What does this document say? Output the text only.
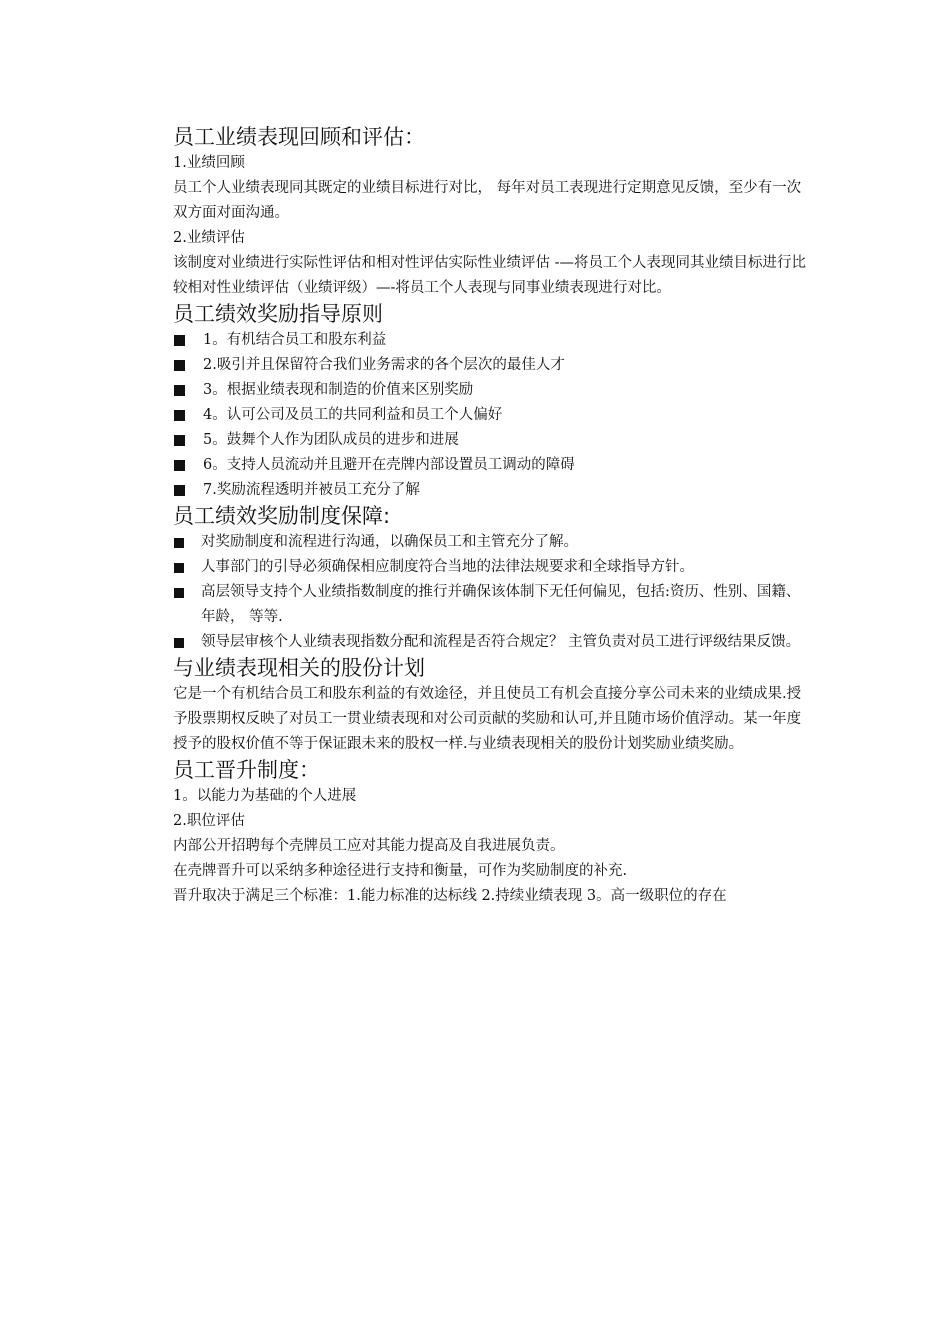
员工业绩表现回顾和评估：

1.业绩回顾

员工个人业绩表现同其既定的业绩目标进行对比， 每年对员工表现进行定期意见反馈，至少有一次双方面对面沟通。

2.业绩评估

该制度对业绩进行实际性评估和相对性评估实际性业绩评估 -—将员工个人表现同其业绩目标进行比较相对性业绩评估（业绩评级）—-将员工个人表现与同事业绩表现进行对比。

员工绩效奖励指导原则
1。有机结合员工和股东利益
2.吸引并且保留符合我们业务需求的各个层次的最佳人才
3。根据业绩表现和制造的价值来区别奖励
4。认可公司及员工的共同利益和员工个人偏好
5。鼓舞个人作为团队成员的进步和进展
6。支持人员流动并且避开在壳牌内部设置员工调动的障碍
7.奖励流程透明并被员工充分了解
员工绩效奖励制度保障:
对奖励制度和流程进行沟通，以确保员工和主管充分了解。
人事部门的引导必须确保相应制度符合当地的法律法规要求和全球指导方针。
高层领导支持个人业绩指数制度的推行并确保该体制下无任何偏见，包括:资历、性别、国籍、年龄， 等等.
领导层审核个人业绩表现指数分配和流程是否符合规定？ 主管负责对员工进行评级结果反馈。
与业绩表现相关的股份计划

它是一个有机结合员工和股东利益的有效途径，并且使员工有机会直接分享公司未来的业绩成果.授予股票期权反映了对员工一贯业绩表现和对公司贡献的奖励和认可,并且随市场价值浮动。某一年度授予的股权价值不等于保证跟未来的股权一样.与业绩表现相关的股份计划奖励业绩奖励。

员工晋升制度：

1。以能力为基础的个人进展

2.职位评估

内部公开招聘每个壳牌员工应对其能力提高及自我进展负责。

在壳牌晋升可以采纳多种途径进行支持和衡量，可作为奖励制度的补充.

晋升取决于满足三个标准：1.能力标准的达标线 2.持续业绩表现 3。高一级职位的存在
